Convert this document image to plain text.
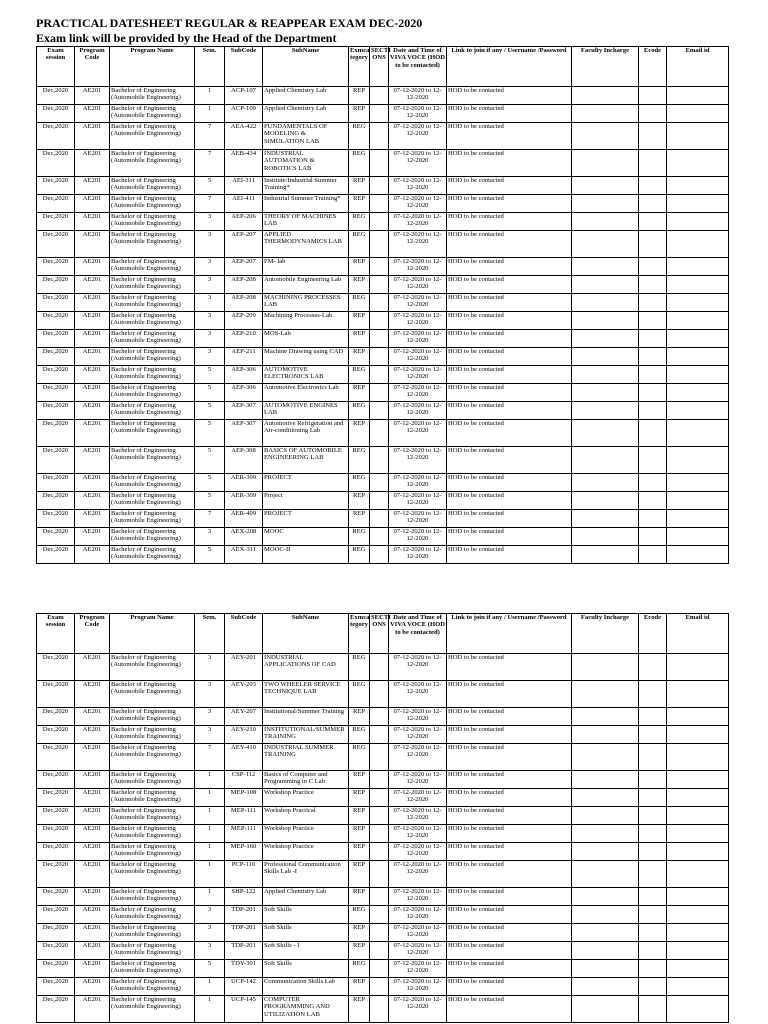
PRACTICAL DATESHEET REGULAR & REAPPEAR EXAM DEC-2020
Exam link will be provided by the Head of the Department
Exam session	Program Code	Program Name	Sem.	SubCode	SubName	Exmca tegory	SECTI ONS	Date and Time of VIVA VOCE (HOD to be contacted)	Link to join if any / Username /Password	Faculty Incharge	Ecode	Email id
Dec,2020	AE201	Bachelor of Engineering (Automobile Engineering)	1	ACP-107	Applied Chemistry Lab	REP		07-12-2020 to 12-12-2020	HOD to be contacted			
Dec,2020	AE201	Bachelor of Engineering (Automobile Engineering)	1	ACP-109	Applied Chemistry Lab	REP		07-12-2020 to 12-12-2020	HOD to be contacted			
Dec,2020	AE201	Bachelor of Engineering (Automobile Engineering)	7	AEA-422	FUNDAMENTALS OF MODELING & SIMULATION LAB	REG		07-12-2020 to 12-12-2020	HOD to be contacted			
Dec,2020	AE201	Bachelor of Engineering (Automobile Engineering)	7	AEB-434	INDUSTRIAL AUTOMATION & ROBOTICS LAB	REG		07-12-2020 to 12-12-2020	HOD to be contacted			
Dec,2020	AE201	Bachelor of Engineering (Automobile Engineering)	5	AEI-311	Institute/Industrial Summer Training*	REP		07-12-2020 to 12-12-2020	HOD to be contacted			
Dec,2020	AE201	Bachelor of Engineering (Automobile Engineering)	7	AEI-411	Industrial Summer Training*	REP		07-12-2020 to 12-12-2020	HOD to be contacted			
Dec,2020	AE201	Bachelor of Engineering (Automobile Engineering)	3	AEP-206	THEORY OF MACHINES LAB	REG		07-12-2020 to 12-12-2020	HOD to be contacted			
Dec,2020	AE201	Bachelor of Engineering (Automobile Engineering)	3	AEP-207	APPLIED THERMODYNAMICS LAB	REG		07-12-2020 to 12-12-2020	HOD to be contacted			
Dec,2020	AE201	Bachelor of Engineering (Automobile Engineering)	3	AEP-207	FM- lab	REP		07-12-2020 to 12-12-2020	HOD to be contacted			
Dec,2020	AE201	Bachelor of Engineering (Automobile Engineering)	3	AEP-208	Automobile Engineering Lab	REP		07-12-2020 to 12-12-2020	HOD to be contacted			
Dec,2020	AE201	Bachelor of Engineering (Automobile Engineering)	3	AEP-208	MACHINING PROCESSES LAB	REG		07-12-2020 to 12-12-2020	HOD to be contacted			
Dec,2020	AE201	Bachelor of Engineering (Automobile Engineering)	3	AEP-209	Machining Processes-Lab.	REP		07-12-2020 to 12-12-2020	HOD to be contacted			
Dec,2020	AE201	Bachelor of Engineering (Automobile Engineering)	3	AEP-210	MOS-Lab	REP		07-12-2020 to 12-12-2020	HOD to be contacted			
Dec,2020	AE201	Bachelor of Engineering (Automobile Engineering)	3	AEP-211	Machine Drawing using CAD	REP		07-12-2020 to 12-12-2020	HOD to be contacted			
Dec,2020	AE201	Bachelor of Engineering (Automobile Engineering)	5	AEP-306	AUTOMOTIVE ELECTRONICS LAB	REG		07-12-2020 to 12-12-2020	HOD to be contacted			
Dec,2020	AE201	Bachelor of Engineering (Automobile Engineering)	5	AEP-306	Automotive Electronics Lab	REP		07-12-2020 to 12-12-2020	HOD to be contacted			
Dec,2020	AE201	Bachelor of Engineering (Automobile Engineering)	5	AEP-307	AUTOMOTIVE ENGINES LAB	REG		07-12-2020 to 12-12-2020	HOD to be contacted			
Dec,2020	AE201	Bachelor of Engineering (Automobile Engineering)	5	AEP-307	Automotive Refrigeration and Air-conditioning Lab	REP		07-12-2020 to 12-12-2020	HOD to be contacted			
Dec,2020	AE201	Bachelor of Engineering (Automobile Engineering)	5	AEP-308	BASICS OF AUTOMOBILE ENGINEERING LAB	REG		07-12-2020 to 12-12-2020	HOD to be contacted			
Dec,2020	AE201	Bachelor of Engineering (Automobile Engineering)	5	AER-309	PROJECT	REG		07-12-2020 to 12-12-2020	HOD to be contacted			
Dec,2020	AE201	Bachelor of Engineering (Automobile Engineering)	5	AER-309	Project	REP		07-12-2020 to 12-12-2020	HOD to be contacted			
Dec,2020	AE201	Bachelor of Engineering (Automobile Engineering)	7	AER-409	PROJECT	REP		07-12-2020 to 12-12-2020	HOD to be contacted			
Dec,2020	AE201	Bachelor of Engineering (Automobile Engineering)	3	AEX-208	MOOC	REG		07-12-2020 to 12-12-2020	HOD to be contacted			
Dec,2020	AE201	Bachelor of Engineering (Automobile Engineering)	5	AEX-311	MOOC-II	REG		07-12-2020 to 12-12-2020	HOD to be contacted			
Exam session	Program Code	Program Name	Sem.	SubCode	SubName	Exmca tegory	SECTI ONS	Date and Time of VIVA VOCE (HOD to be contacted)	Link to join if any / Username /Password	Faculty Incharge	Ecode	Email id
Dec,2020	AE201	Bachelor of Engineering (Automobile Engineering)	3	AEY-201	INDUSTRIAL APPLICATIONS OF CAD	REG		07-12-2020 to 12-12-2020	HOD to be contacted			
Dec,2020	AE201	Bachelor of Engineering (Automobile Engineering)	3	AEY-203	TWO WHEELER SERVICE TECHNIQUE LAB	REG		07-12-2020 to 12-12-2020	HOD to be contacted			
Dec,2020	AE201	Bachelor of Engineering (Automobile Engineering)	3	AEY-207	Institutional/Summer Training	REP		07-12-2020 to 12-12-2020	HOD to be contacted			
Dec,2020	AE201	Bachelor of Engineering (Automobile Engineering)	3	AEY-210	INSTITUTIONAL/SUMMER TRAINING	REG		07-12-2020 to 12-12-2020	HOD to be contacted			
Dec,2020	AE201	Bachelor of Engineering (Automobile Engineering)	7	AEY-410	INDUSTRIAL SUMMER TRAINING	REG		07-12-2020 to 12-12-2020	HOD to be contacted			
Dec,2020	AE201	Bachelor of Engineering (Automobile Engineering)	1	CSP-112	Basics of Computer and Programming in C Lab	REP		07-12-2020 to 12-12-2020	HOD to be contacted			
Dec,2020	AE201	Bachelor of Engineering (Automobile Engineering)	1	MEP-108	Workshop Practice	REP		07-12-2020 to 12-12-2020	HOD to be contacted			
Dec,2020	AE201	Bachelor of Engineering (Automobile Engineering)	1	MEP-111	Workshop Practical	REP		07-12-2020 to 12-12-2020	HOD to be contacted			
Dec,2020	AE201	Bachelor of Engineering (Automobile Engineering)	1	MEP-111	Workshop Practice	REP		07-12-2020 to 12-12-2020	HOD to be contacted			
Dec,2020	AE201	Bachelor of Engineering (Automobile Engineering)	1	MEP-160	Workshop Practice	REP		07-12-2020 to 12-12-2020	HOD to be contacted			
Dec,2020	AE201	Bachelor of Engineering (Automobile Engineering)	1	PCP-110	Professional Communication Skills Lab -I	REP		07-12-2020 to 12-12-2020	HOD to be contacted			
Dec,2020	AE201	Bachelor of Engineering (Automobile Engineering)	1	SHP-122	Applied Chemistry Lab	REP		07-12-2020 to 12-12-2020	HOD to be contacted			
Dec,2020	AE201	Bachelor of Engineering (Automobile Engineering)	3	TDP-201	Soft Skills	REG		07-12-2020 to 12-12-2020	HOD to be contacted			
Dec,2020	AE201	Bachelor of Engineering (Automobile Engineering)	3	TDP-201	Soft Skills	REP		07-12-2020 to 12-12-2020	HOD to be contacted			
Dec,2020	AE201	Bachelor of Engineering (Automobile Engineering)	3	TDP-201	Soft Skills - I	REP		07-12-2020 to 12-12-2020	HOD to be contacted			
Dec,2020	AE201	Bachelor of Engineering (Automobile Engineering)	5	TDY-301	Soft Skills	REG		07-12-2020 to 12-12-2020	HOD to be contacted			
Dec,2020	AE201	Bachelor of Engineering (Automobile Engineering)	1	UCP-142	Communication Skills Lab	REP		07-12-2020 to 12-12-2020	HOD to be contacted			
Dec,2020	AE201	Bachelor of Engineering (Automobile Engineering)	1	UCP-145	COMPUTER PROGRAMMING AND UTILIZATION LAB	REP		07-12-2020 to 12-12-2020	HOD to be contacted			
